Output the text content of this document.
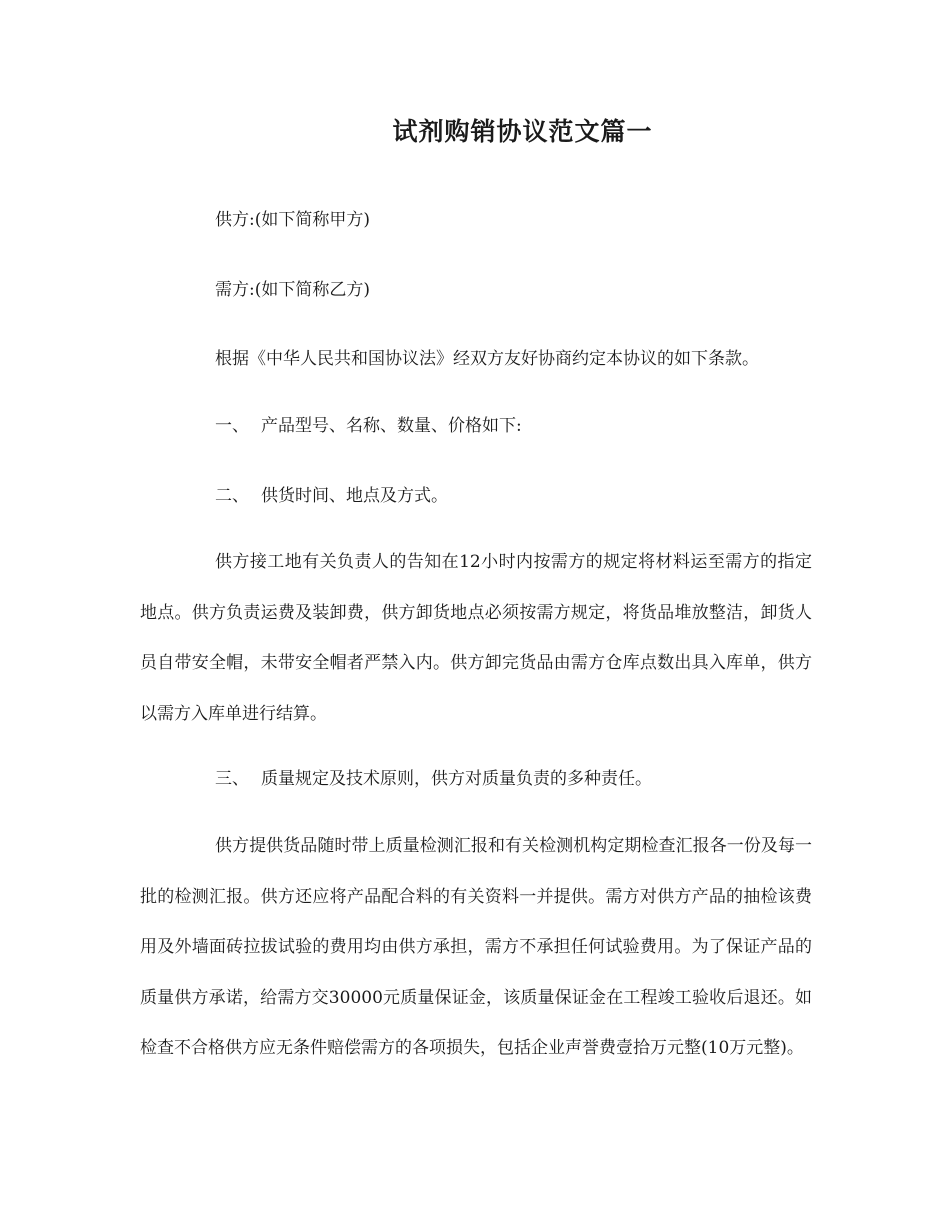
试剂购销协议范文篇一

供方:(如下简称甲方)

需方:(如下简称乙方)

根据《中华人民共和国协议法》经双方友好协商约定本协议的如下条款。

一、 产品型号、名称、数量、价格如下:

二、 供货时间、地点及方式。

供方接工地有关负责人的告知在12小时内按需方的规定将材料运至需方的指定地点。供方负责运费及装卸费，供方卸货地点必须按需方规定，将货品堆放整洁，卸货人员自带安全帽，未带安全帽者严禁入内。供方卸完货品由需方仓库点数出具入库单，供方以需方入库单进行结算。

三、 质量规定及技术原则，供方对质量负责的多种责任。

供方提供货品随时带上质量检测汇报和有关检测机构定期检查汇报各一份及每一批的检测汇报。供方还应将产品配合料的有关资料一并提供。需方对供方产品的抽检该费用及外墙面砖拉拔试验的费用均由供方承担，需方不承担任何试验费用。为了保证产品的质量供方承诺，给需方交30000元质量保证金，该质量保证金在工程竣工验收后退还。如检查不合格供方应无条件赔偿需方的各项损失，包括企业声誉费壹拾万元整(10万元整)。
